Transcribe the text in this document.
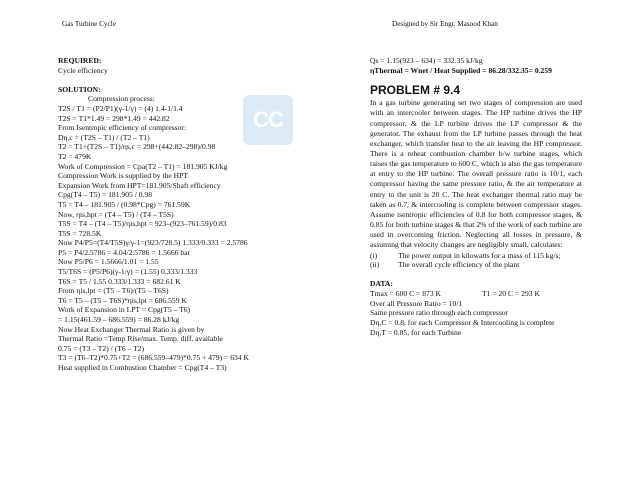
Gas Turbine Cycle	Designed by Sir Engr. Masood Khan
CC
REQUIRED:
Cycle efficiency
SOLUTION:
Compression process:
T2S / T1 = (P2/P1)(γ-1/γ) = (4) 1.4-1/1.4
T2S = T1*1.49 = 298*1.49 = 442.82
From Isentropic efficiency of compressor:
Dη,c = (T2S – T1) / (T2 – T1)
T2 = T1+(T2S – T1)/ηs,c = 298+(442.82–298)/0.98
T2 = 479K
Work of Compression = Cpa(T2 – T1) = 181.905 KJ/kg
Compression Work is supplied by the HPT
Expansion Work from HPT=181.905/Shaft efficiency
Cpg(T4 – T5) = 181.905 / 0.98
T5 = T4 – 181.905 / (0.98*Cpg) = 761.59K
Now, ηis,hpt = (T4 – T5) / (T4 – T5S)
T5S = T4 – (T4 – T5)/ηis,hpt = 923–(923–761.59)/0.83
T5S = 728.5K
Now P4/P5=(T4/T5S)γ/γ-1=(923/728.5) 1.333/0.333 = 2.5786
P5 = P4/2.5786 = 4.04/2.5786 = 1.5666 bar
Now P5/P6 = 1.5666/1.01 = 1.55
T5/T6S = (P5/P6)(γ-1/γ) = (1.55) 0.333/1.333
T6S = T5 / 1.55 0.333/1.333 = 682.61 K
From ηis,lpt = (T5 – T6)/(T5 – T6S)
T6 = T5 – (T5 – T6S)*ηis,lpt = 686.559 K
Work of Expansion in LPT = Cpg(T5 – T6)
= 1.15(461.59 – 686.559) = 86.28 kJ/kg
Now Heat Exchanger Thermal Ratio is given by
Thermal Ratio =Temp Rise/max. Temp. diff. available
0.75 = (T3 – T2) / (T6 – T2)
T3 = (T6–T2)*0.75+T2 = (686.559–479)*0.75 + 479) = 634 K
Heat supplied in Combustion Chamber = Cpg(T4 – T3)
Qs = 1.15(923 – 634) = 332.35 kJ/kg
ηThermal = Wnet / Heat Supplied = 86.28/332.35= 0.259
PROBLEM # 9.4
In a gas turbine generating set two stages of compression are used with an intercooler between stages. The HP turbine drives the HP compressor, & the LP turbine drives the LP compressor & the generator. The exhaust from the LP turbine passes through the heat exchanger, which transfer heat to the air leaving the HP compressor. There is a reheat combustion chamber b/w turbine stages, which raises the gas temperature to 600 C, which is also the gas temperature at entry to the HP turbine. The overall pressure ratio is 10/1, each compressor having the same pressure ratio, & the air temperature at entry to the unit is 20 C. The heat exchanger thermal ratio may be taken as 0.7, & intercooling is complete between compressor stages. Assume isentropic efficiencies of 0.8 for both compressor stages, & 0.85 for both turbine stages & that 2% of the work of each turbine are used in overcoming friction. Neglecting all losses in pressure, & assuming that velocity changes are negligibly small, calculates:
(i)	The power output in kilowatts for a mass of 115 kg/s;
(ii)	The overall cycle efficiency of the plant
DATA:
Tmax = 600 C = 873 K	T1 = 20 C = 293 K
Over all Pressure Ratio = 10/1
Same pressure ratio through each compressor
Dη,C = 0.8, for each Compressor & Intercooling is complete
Dη,T = 0.85, for each Turbine
